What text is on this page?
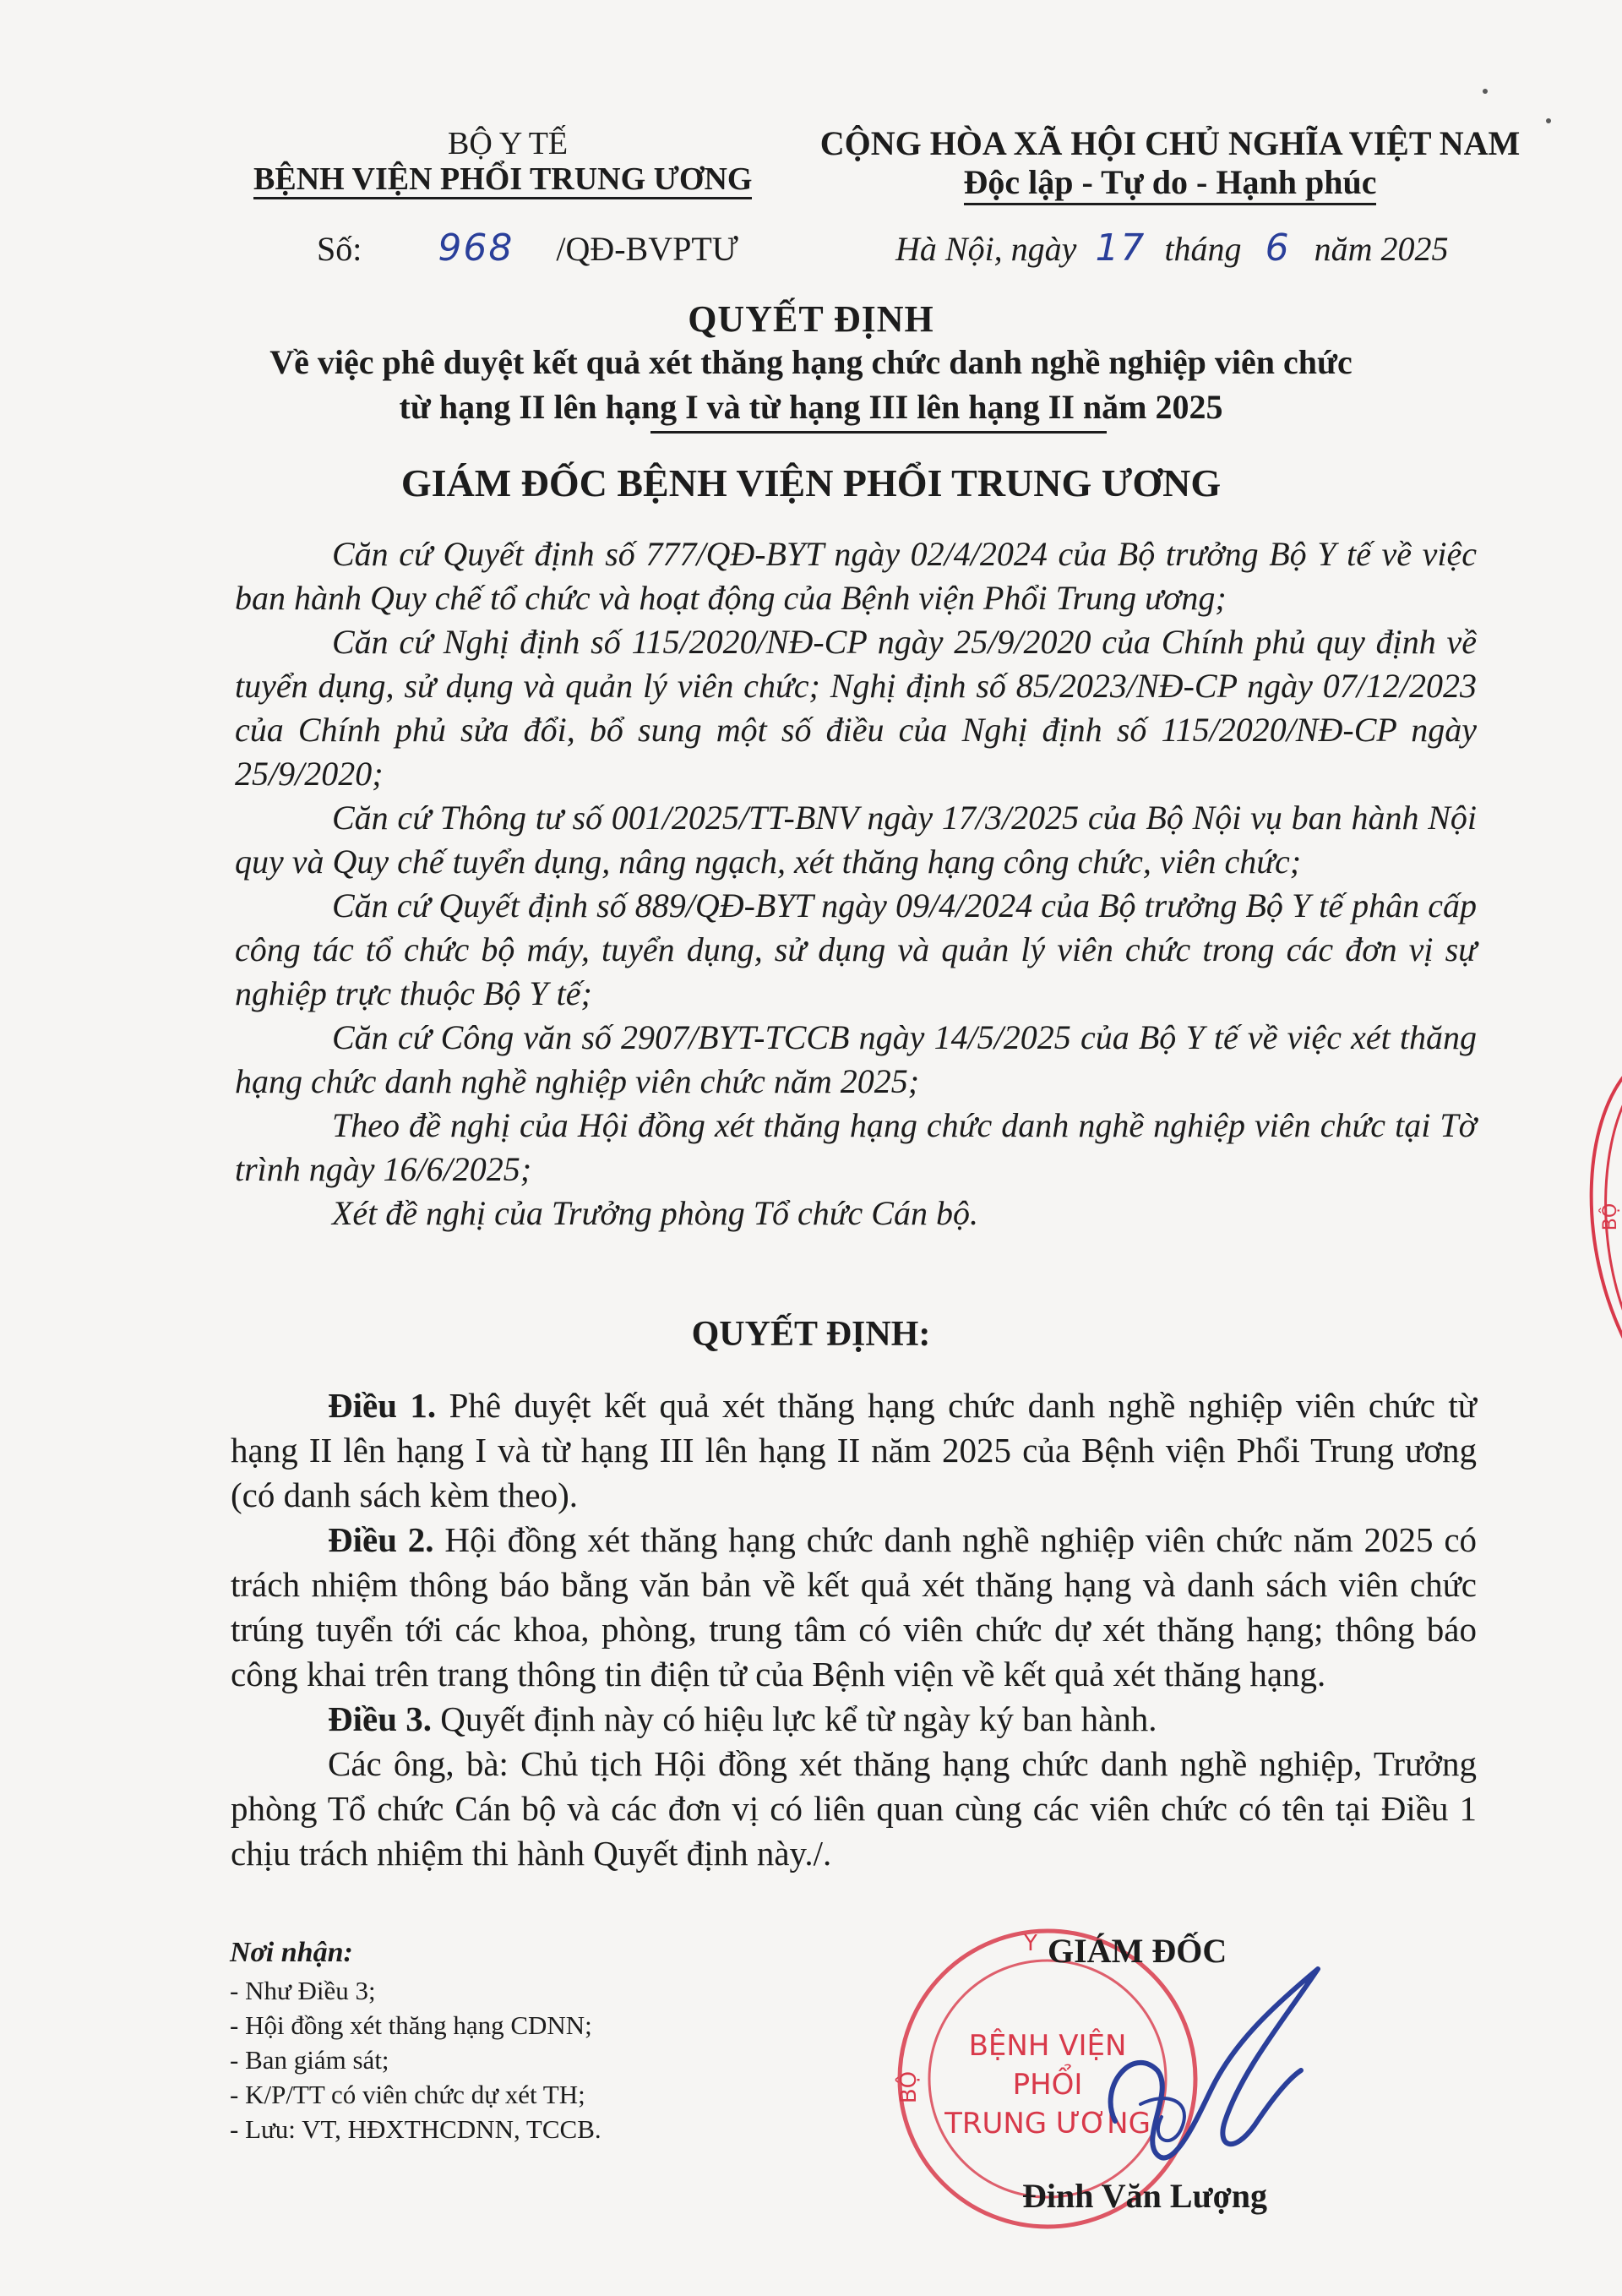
BỘ Y TẾ
BỆNH VIỆN PHỔI TRUNG ƯƠNG
CỘNG HÒA XÃ HỘI CHỦ NGHĨA VIỆT NAM
Độc lập - Tự do - Hạnh phúc
Số: 968 /QĐ-BVPTƯ	Hà Nội, ngày 17 tháng 6 năm 2025
QUYẾT ĐỊNH
Về việc phê duyệt kết quả xét thăng hạng chức danh nghề nghiệp viên chức
từ hạng II lên hạng I và từ hạng III lên hạng II năm 2025
GIÁM ĐỐC BỆNH VIỆN PHỔI TRUNG ƯƠNG

Căn cứ Quyết định số 777/QĐ-BYT ngày 02/4/2024 của Bộ trưởng Bộ Y tế về việc ban hành Quy chế tổ chức và hoạt động của Bệnh viện Phổi Trung ương;

Căn cứ Nghị định số 115/2020/NĐ-CP ngày 25/9/2020 của Chính phủ quy định về tuyển dụng, sử dụng và quản lý viên chức; Nghị định số 85/2023/NĐ-CP ngày 07/12/2023 của Chính phủ sửa đổi, bổ sung một số điều của Nghị định số 115/2020/NĐ-CP ngày 25/9/2020;

Căn cứ Thông tư số 001/2025/TT-BNV ngày 17/3/2025 của Bộ Nội vụ ban hành Nội quy và Quy chế tuyển dụng, nâng ngạch, xét thăng hạng công chức, viên chức;

Căn cứ Quyết định số 889/QĐ-BYT ngày 09/4/2024 của Bộ trưởng Bộ Y tế phân cấp công tác tổ chức bộ máy, tuyển dụng, sử dụng và quản lý viên chức trong các đơn vị sự nghiệp trực thuộc Bộ Y tế;

Căn cứ Công văn số 2907/BYT-TCCB ngày 14/5/2025 của Bộ Y tế về việc xét thăng hạng chức danh nghề nghiệp viên chức năm 2025;

Theo đề nghị của Hội đồng xét thăng hạng chức danh nghề nghiệp viên chức tại Tờ trình ngày 16/6/2025;

Xét đề nghị của Trưởng phòng Tổ chức Cán bộ.

QUYẾT ĐỊNH:

Điều 1. Phê duyệt kết quả xét thăng hạng chức danh nghề nghiệp viên chức từ hạng II lên hạng I và từ hạng III lên hạng II năm 2025 của Bệnh viện Phổi Trung ương (có danh sách kèm theo).

Điều 2. Hội đồng xét thăng hạng chức danh nghề nghiệp viên chức năm 2025 có trách nhiệm thông báo bằng văn bản về kết quả xét thăng hạng và danh sách viên chức trúng tuyển tới các khoa, phòng, trung tâm có viên chức dự xét thăng hạng; thông báo công khai trên trang thông tin điện tử của Bệnh viện về kết quả xét thăng hạng.

Điều 3. Quyết định này có hiệu lực kể từ ngày ký ban hành.

Các ông, bà: Chủ tịch Hội đồng xét thăng hạng chức danh nghề nghiệp, Trưởng phòng Tổ chức Cán bộ và các đơn vị có liên quan cùng các viên chức có tên tại Điều 1 chịu trách nhiệm thi hành Quyết định này./.

Nơi nhận:
- Như Điều 3;
- Hội đồng xét thăng hạng CDNN;
- Ban giám sát;
- K/P/TT có viên chức dự xét TH;
- Lưu: VT, HĐXTHCDNN, TCCB.
BỆNH VIỆN
PHỔI
TRUNG ƯƠNG
BỘ
Y GIÁM ĐỐC
Đinh Văn Lượng
BỘ
